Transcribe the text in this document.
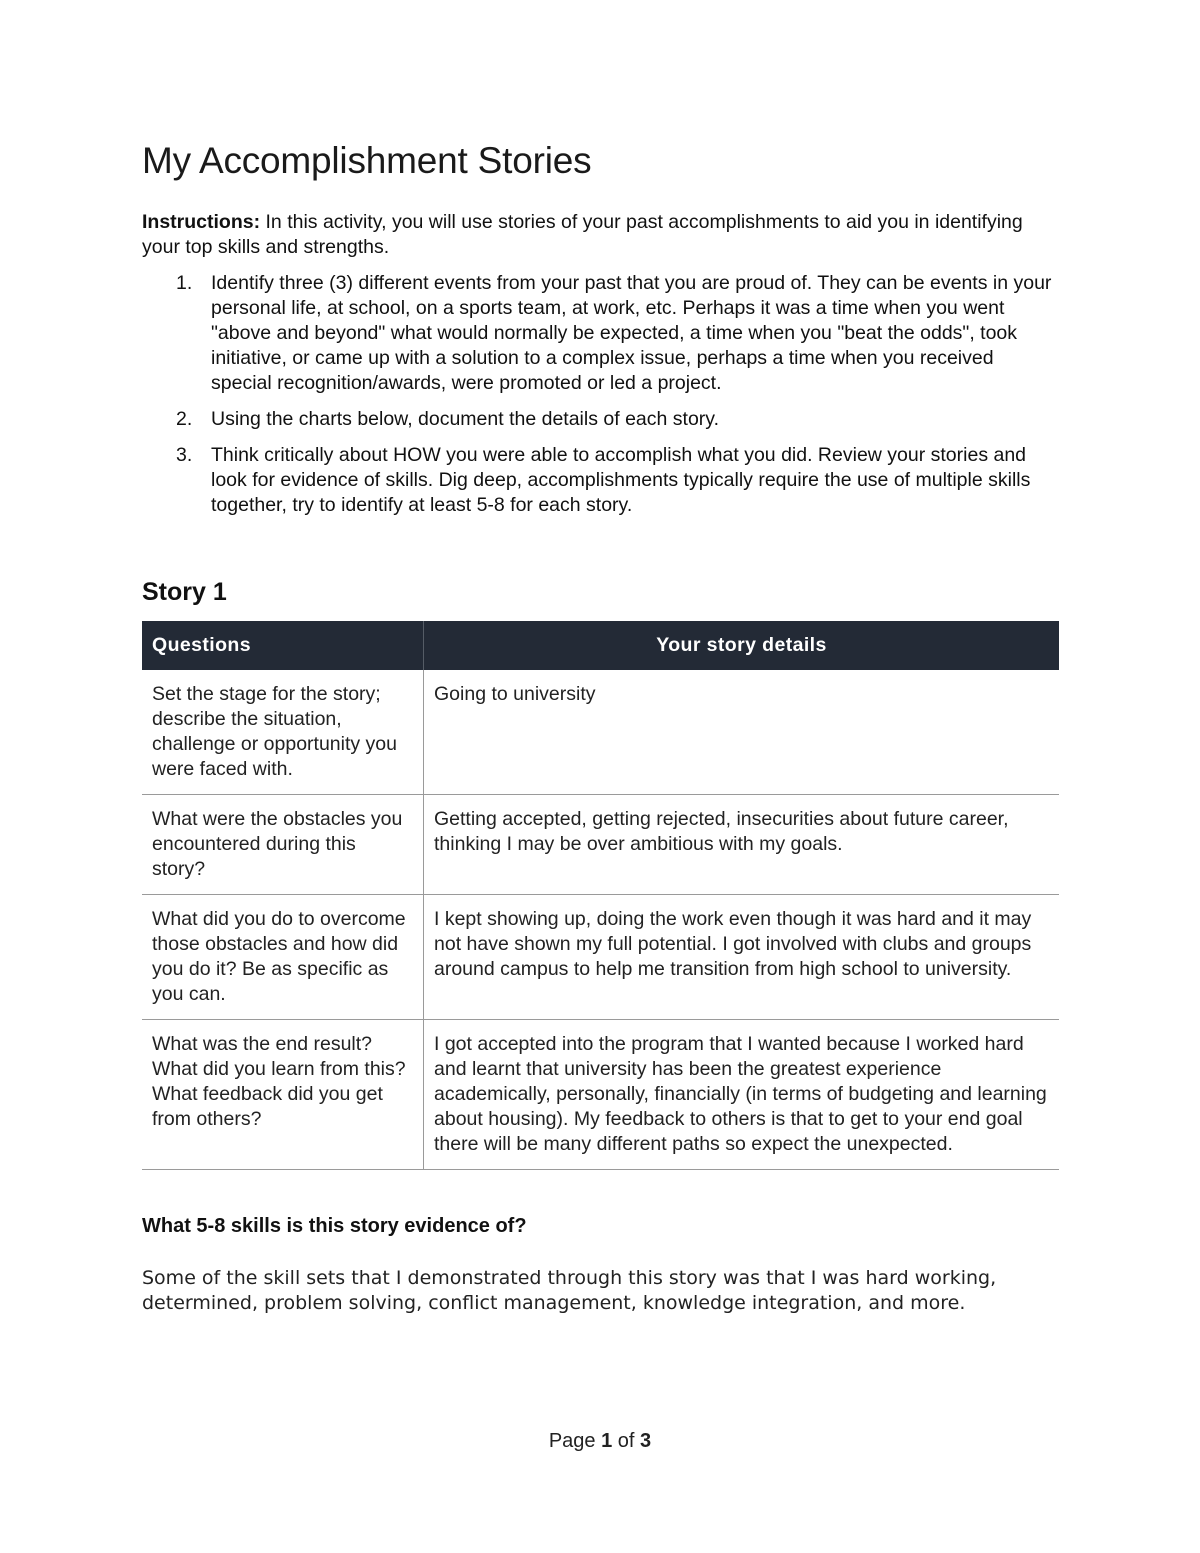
My Accomplishment Stories

Instructions: In this activity, you will use stories of your past accomplishments to aid you in identifying your top skills and strengths.

1. Identify three (3) different events from your past that you are proud of. They can be events in your personal life, at school, on a sports team, at work, etc. Perhaps it was a time when you went "above and beyond" what would normally be expected, a time when you "beat the odds", took initiative, or came up with a solution to a complex issue, perhaps a time when you received special recognition/awards, were promoted or led a project.
2. Using the charts below, document the details of each story.
3. Think critically about HOW you were able to accomplish what you did. Review your stories and look for evidence of skills. Dig deep, accomplishments typically require the use of multiple skills together, try to identify at least 5-8 for each story.
Story 1
Questions	Your story details
Set the stage for the story; describe the situation, challenge or opportunity you were faced with.	Going to university
What were the obstacles you encountered during this story?	Getting accepted, getting rejected, insecurities about future career, thinking I may be over ambitious with my goals.
What did you do to overcome those obstacles and how did you do it? Be as specific as you can.	I kept showing up, doing the work even though it was hard and it may not have shown my full potential. I got involved with clubs and groups around campus to help me transition from high school to university.
What was the end result? What did you learn from this? What feedback did you get from others?	I got accepted into the program that I wanted because I worked hard and learnt that university has been the greatest experience academically, personally, financially (in terms of budgeting and learning about housing). My feedback to others is that to get to your end goal there will be many different paths so expect the unexpected.
What 5-8 skills is this story evidence of?

Some of the skill sets that I demonstrated through this story was that I was hard working, determined, problem solving, conflict management, knowledge integration, and more.

Page 1 of 3
